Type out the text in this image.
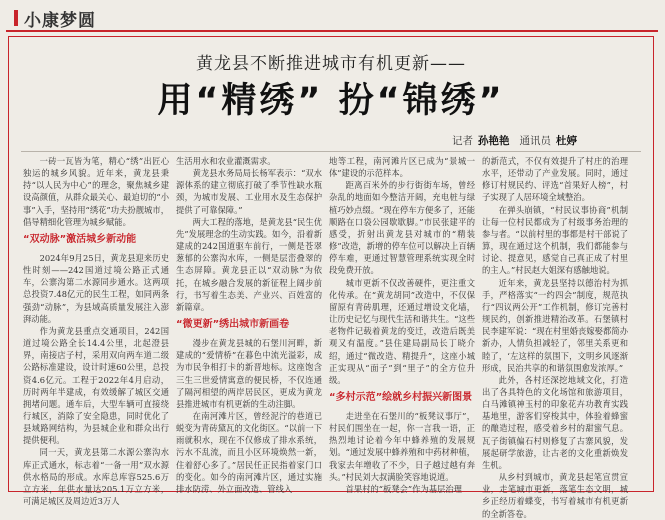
小康梦圆
黄龙县不断推进城市有机更新——
用“精绣” 扮“锦绣”
记者 孙艳艳 通讯员 杜婷

一砖一瓦皆为笔，精心“绣”出匠心独运的城乡风貌。近年来，黄龙县秉持“以人民为中心”的理念，聚焦城乡建设高颜值，从群众最关心、最迫切的“小事”入手，坚持用“绣花”功夫扮靓城市，倡导精细化管理为城乡赋能。

“双动脉”激活城乡新动能

2024年9月25日，黄龙县迎来历史性时刻——242国道过境公路正式通车，公寨沟第二水源同步通水。这两项总投资7.48亿元的民生工程，如同两条强劲“动脉”，为县域高质量发展注入澎湃动能。

作为黄龙县重点交通项目，242国道过境公路全长14.4公里，北起澄县界，南接店子村，采用双向两车道二级公路标准建设，设计时速60公里，总投资4.6亿元。工程于2022年4月启动，历时两年半建成，有效缓解了城区交通拥堵问题。通车后，大型车辆可直接绕行城区，消除了安全隐患，同时优化了县域路网结构，为县城企业和群众出行提供便利。

同一天，黄龙县第二水源公寨沟水库正式通水，标志着“一备一用”双水源供水格局的形成。水库总库容525.6万立方米，年供水量达205.1万立方米，可满足城区及周边近3万人

生活用水和农业灌溉需求。

黄龙县水务局局长杨军表示：“双水源体系的建立彻底打破了季节性缺水瓶颈，为城市发展、工业用水及生态保护提供了可靠保障。”

两大工程的落地，是黄龙县“民生优先”发展理念的生动实践。如今，沿着新建成的242国道驱车前行，一侧是苍翠葱郁的公寨沟水库，一侧是层峦叠翠的生态屏障。黄龙县正以“双动脉”为依托，在城乡融合发展的新征程上阔步前行，书写着生态美、产业兴、百姓富的新篇章。

“微更新”绣出城市新画卷

漫步在黄龙县城的石堡川河畔，新建成的“爱情桥”在暮色中流光溢彩，成为市民争相打卡的新晋地标。这座饱含三生三世爱情寓意的便民桥，不仅连通了隔河相望的两岸居民区，更成为黄龙县推进城市有机更新的生动注脚。

在南河滩片区，曾经泥泞的巷道已蜕变为青砖黛瓦的文化街区。“以前一下雨就积水，现在不仅修成了排水系统，污水不乱流，而且小区环境焕然一新，住着舒心多了。”居民任正民指着家门口的变化。如今的南河滩片区，通过实施排水防涝、外立面改造、管线入

地等工程，南河滩片区已成为“景城一体”建设的示范样本。

距离百米外的步行街街车场，曾经杂乱的地面如今整洁开阔，充电桩与绿植巧妙点缀。“现在停车方便多了，还能顺路在口袋公园歇歇脚。”市民张建平的感受，折射出黄龙县对城市的“精装修”改造，新增的停车位可以解决上百辆停车难，更通过智慧管理系统实现全时段免费开放。

城市更新不仅改善硬件，更注重文化传承。在“黄龙胡同”改造中，不仅保留原有青砖肌理，还通过增设文化墙，让历史记忆与现代生活和谐共生。“这些老物件记载着黄龙的变迁，改造后既美观又有温度。”县住建局副局长丁晓介绍，通过“微改造、精提升”，这座小城正实现从“面子”到“里子”的全方位升级。

“多村示范”绘就乡村振兴新图景

走进坐在石堡川的“板凳议事厅”，村民们围坐在一起，你一言我一语，正热烈地讨论着今年中蜂养殖的发展规划。“通过发展中蜂养殖和中药材种植，我家去年增收了不少，日子越过越有奔头。”村民刘大叔满脸笑容地说道。

首果村的“板凳会”作为基层治理

的新范式，不仅有效提升了村庄的治理水平，还带动了产业发展。同时，通过修订村规民约、评选“首果好人榜”，村子实现了人居环境全域整治。

在弹头崩镇，“村民议事协商”机制让每一位村民都成为了村级事务治理的参与者。“以前村里的事都是村干部说了算，现在通过这个机制，我们都能参与讨论、提意见，感觉自己真正成了村里的主人。”村民赵大姐深有感触地说。

近年来，黄龙县坚持以德治村为抓手，严格落实“一约四会”制度，规范执行“四议两公开”工作机制，修订完善村规民约，创新推进精治改革。石堡镇村民李建军说：“现在村里婚丧嫁娶都简办新办，人情负担减轻了，邻里关系更和睦了，‘左这样的氛围下，文明乡风逐渐形成，民治共享的和谐氛围愈发浓厚。”

此外，各村还深挖地域文化，打造出了各具特色的文化场馆和旅游项目，白马滩镇神玉村的印象花卉功教育实践基地里，游客们穿梭其中，体验着蜂蜜的酿造过程，感受着乡村的甜蜜气息。瓦子街镇偏石村则修复了古寨风貌，发展起研学旅游，让古老的文化重新焕发生机。

从乡村到城市，黄龙县起笔宣贯宣业，走笔城市更新，落笔生态文明，城乡正经历着蝶变，书写着城市有机更新的全新答卷。
